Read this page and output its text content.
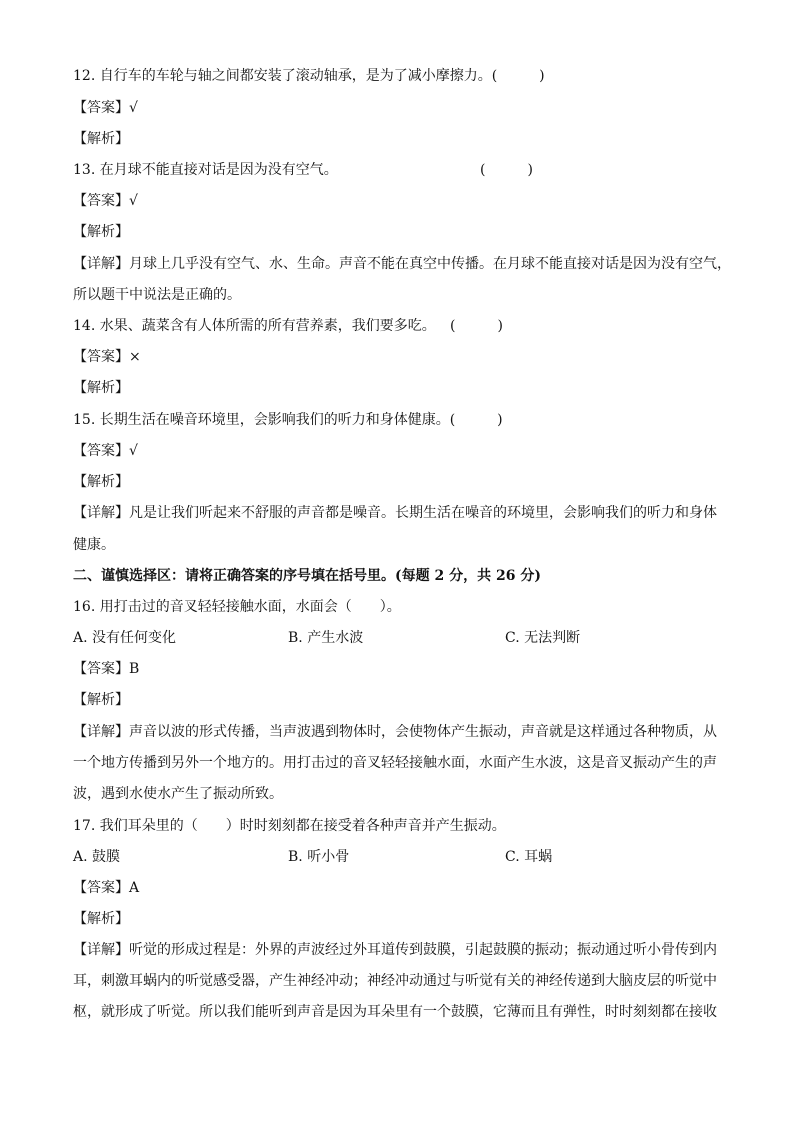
12. 自行车的车轮与轴之间都安装了滚动轴承，是为了减小摩擦力。(　　　)
【答案】√
【解析】
13. 在月球不能直接对话是因为没有空气。	(　　　)
【答案】√
【解析】
【详解】月球上几乎没有空气、水、生命。声音不能在真空中传播。在月球不能直接对话是因为没有空气，
所以题干中说法是正确的。
14. 水果、蔬菜含有人体所需的所有营养素，我们要多吃。	(　　　)
【答案】×
【解析】
15. 长期生活在噪音环境里，会影响我们的听力和身体健康。(　　　)
【答案】√
【解析】
【详解】凡是让我们听起来不舒服的声音都是噪音。长期生活在噪音的环境里，会影响我们的听力和身体
健康。
二、谨慎选择区：请将正确答案的序号填在括号里。(每题 2 分，共 26 分)
16. 用打击过的音叉轻轻接触水面，水面会（　　）。
A. 没有任何变化	B. 产生水波	C. 无法判断
【答案】B
【解析】
【详解】声音以波的形式传播，当声波遇到物体时，会使物体产生振动，声音就是这样通过各种物质，从
一个地方传播到另外一个地方的。用打击过的音叉轻轻接触水面，水面产生水波，这是音叉振动产生的声
波，遇到水使水产生了振动所致。
17. 我们耳朵里的（　　）时时刻刻都在接受着各种声音并产生振动。
A. 鼓膜	B. 听小骨	C. 耳蜗
【答案】A
【解析】
【详解】听觉的形成过程是：外界的声波经过外耳道传到鼓膜，引起鼓膜的振动；振动通过听小骨传到内
耳，刺激耳蜗内的听觉感受器，产生神经冲动；神经冲动通过与听觉有关的神经传递到大脑皮层的听觉中
枢，就形成了听觉。所以我们能听到声音是因为耳朵里有一个鼓膜，它薄而且有弹性，时时刻刻都在接收
